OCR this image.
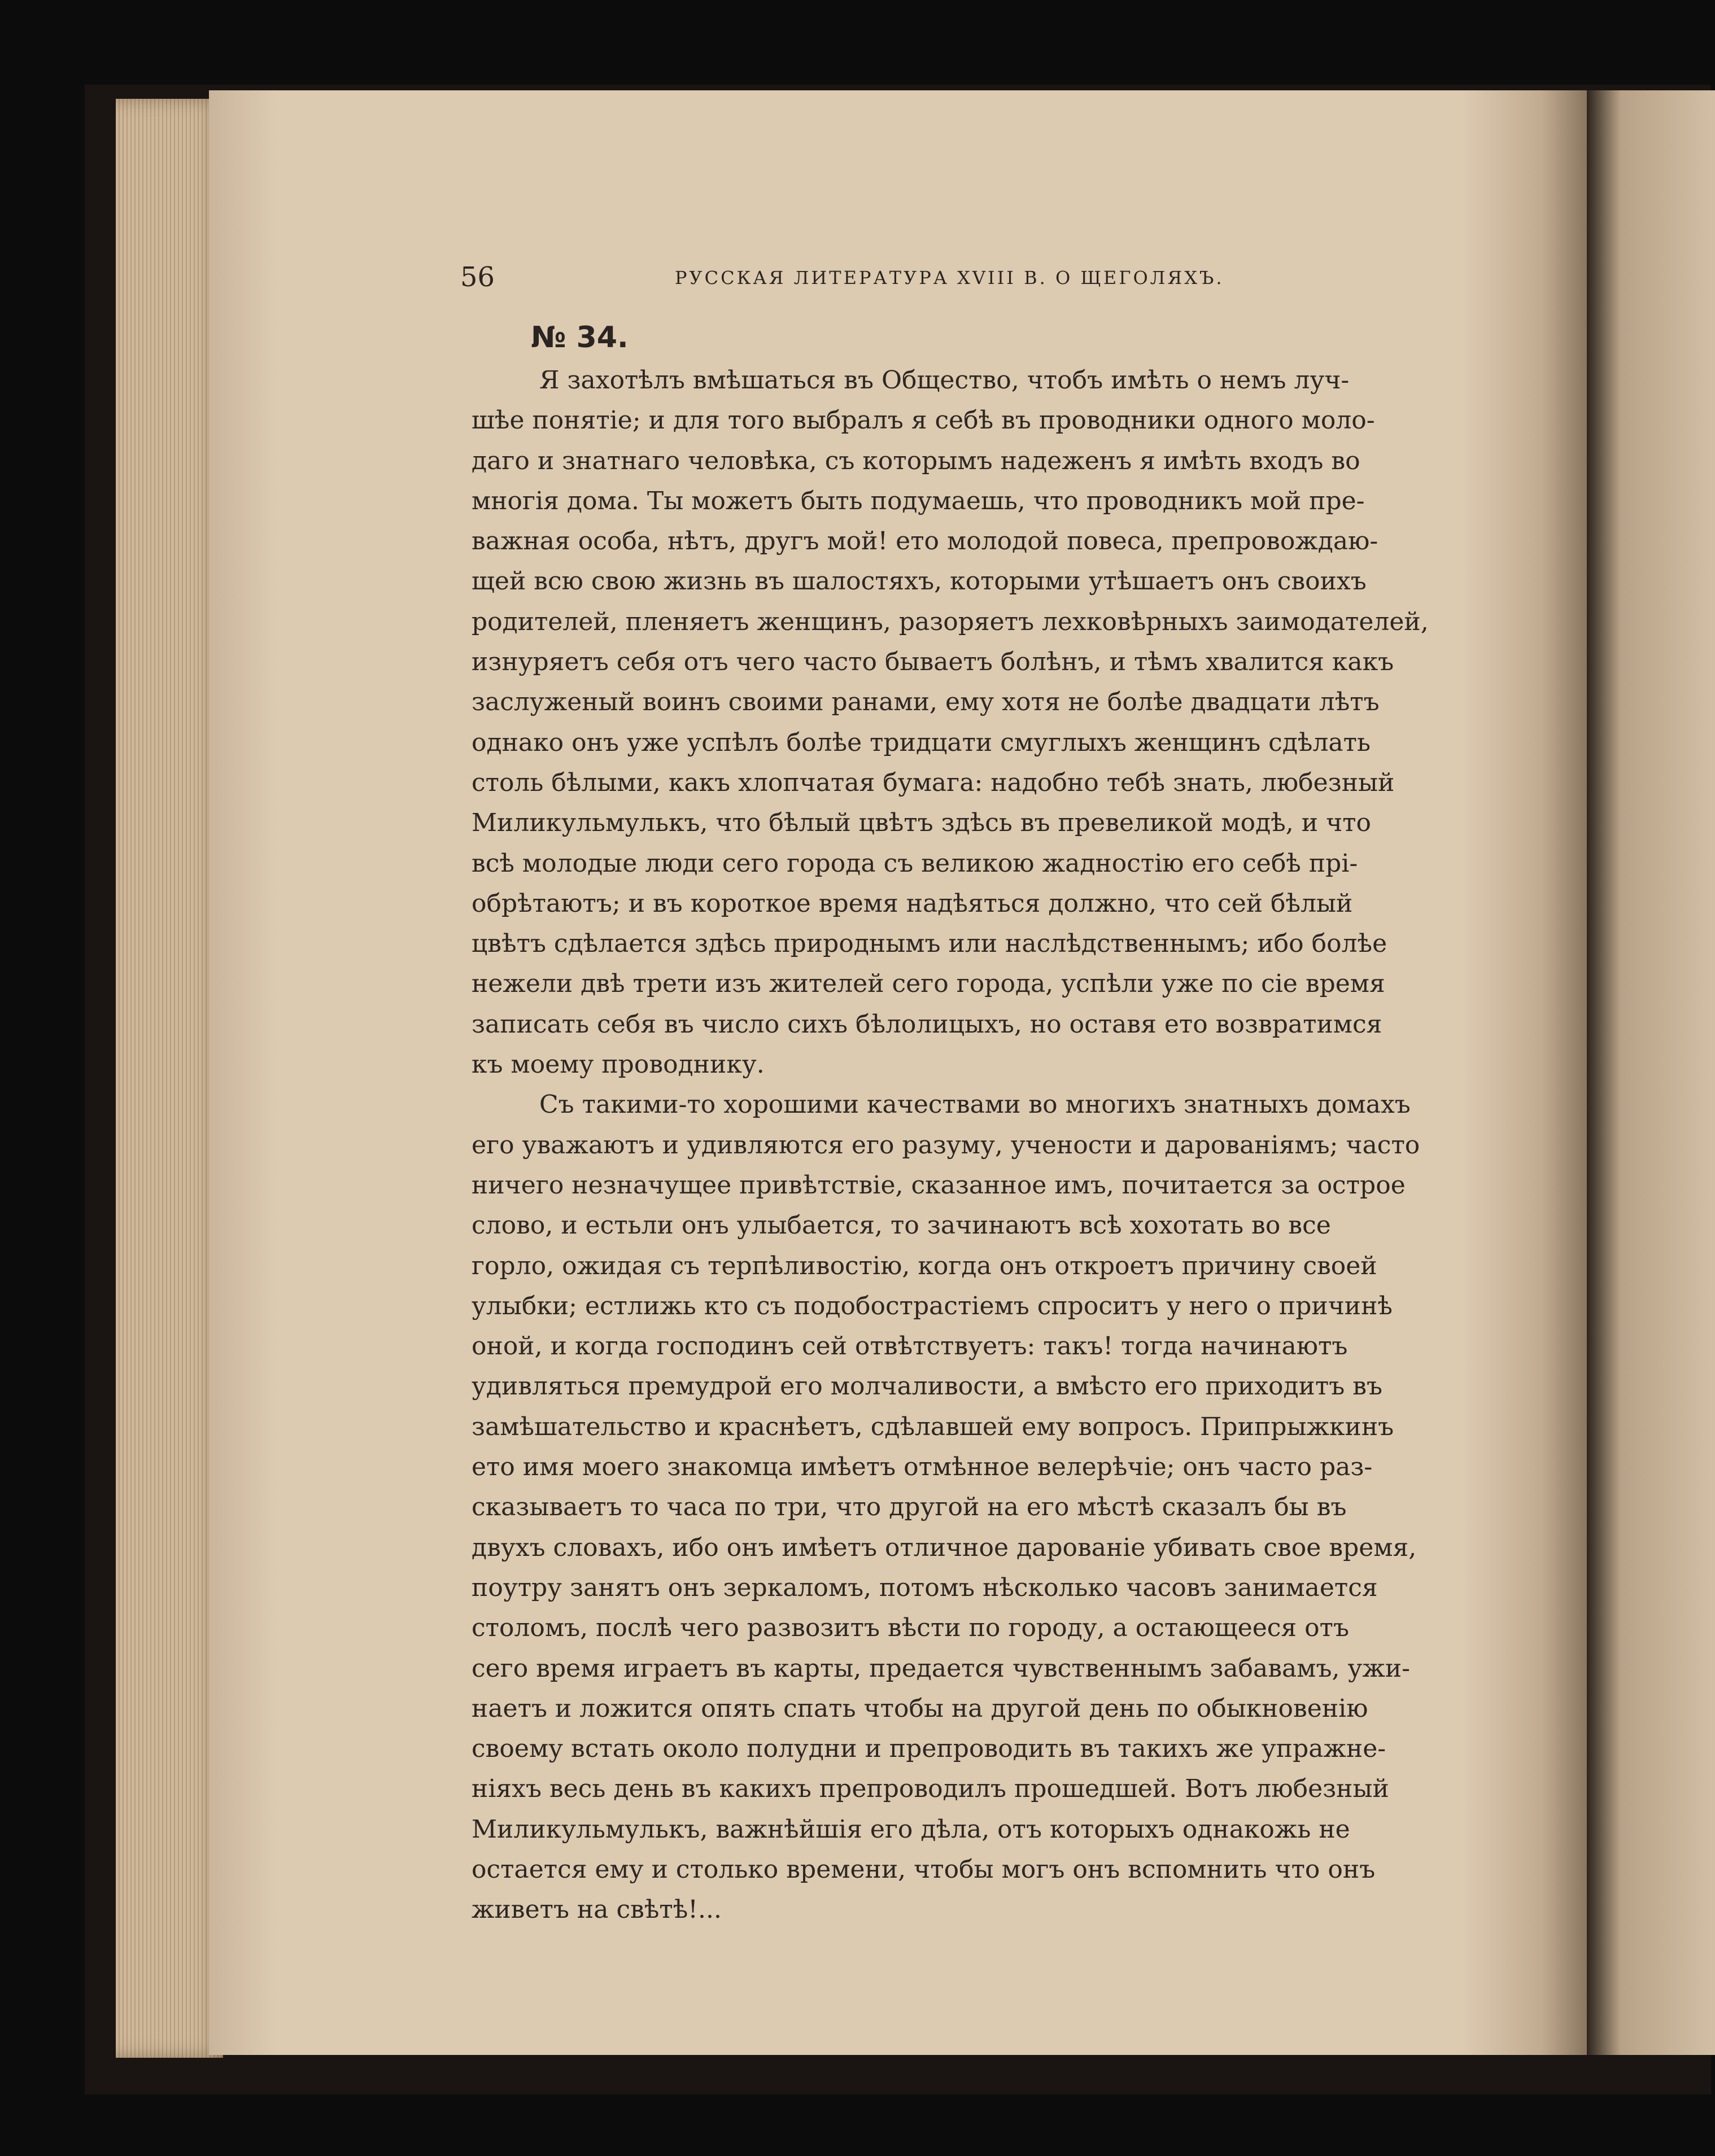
56	РУССКАЯ ЛИТЕРАТУРА XVIII В. О ЩЕГОЛЯХЪ.
№ 34.
Я захотѣлъ вмѣшаться въ Общество, чтобъ имѣть о немъ луч-
шѣе понятіе; и для того выбралъ я себѣ въ проводники одного моло-
даго и знатнаго человѣка, съ которымъ надеженъ я имѣть входъ во
многія дома. Ты можетъ быть подумаешь, что проводникъ мой пре-
важная особа, нѣтъ, другъ мой! ето молодой повеса, препровождаю-
щей всю свою жизнь въ шалостяхъ, которыми утѣшаетъ онъ своихъ
родителей, пленяетъ женщинъ, разоряетъ лехковѣрныхъ заимодателей,
изнуряетъ себя отъ чего часто бываетъ болѣнъ, и тѣмъ хвалится какъ
заслуженый воинъ своими ранами, ему хотя не болѣе двадцати лѣтъ
однако онъ уже успѣлъ болѣе тридцати смуглыхъ женщинъ сдѣлать
столь бѣлыми, какъ хлопчатая бумага: надобно тебѣ знать, любезный
Миликульмулькъ, что бѣлый цвѣтъ здѣсь въ превеликой модѣ, и что
всѣ молодые люди сего города съ великою жадностію его себѣ прі-
обрѣтаютъ; и въ короткое время надѣяться должно, что сей бѣлый
цвѣтъ сдѣлается здѣсь природнымъ или наслѣдственнымъ; ибо болѣе
нежели двѣ трети изъ жителей сего города, успѣли уже по сіе время
записать себя въ число сихъ бѣлолицыхъ, но оставя ето возвратимся
къ моему проводнику.
Съ такими-то хорошими качествами во многихъ знатныхъ домахъ
его уважаютъ и удивляются его разуму, учености и дарованіямъ; часто
ничего незначущее привѣтствіе, сказанное имъ, почитается за острое
слово, и естьли онъ улыбается, то зачинаютъ всѣ хохотать во все
горло, ожидая съ терпѣливостію, когда онъ откроетъ причину своей
улыбки; естлижь кто съ подобострастіемъ спроситъ у него о причинѣ
оной, и когда господинъ сей отвѣтствуетъ: такъ! тогда начинаютъ
удивляться премудрой его молчаливости, а вмѣсто его приходитъ въ
замѣшательство и краснѣетъ, сдѣлавшей ему вопросъ. Припрыжкинъ
ето имя моего знакомца имѣетъ отмѣнное велерѣчіе; онъ часто раз-
сказываетъ то часа по три, что другой на его мѣстѣ сказалъ бы въ
двухъ словахъ, ибо онъ имѣетъ отличное дарованіе убивать свое время,
поутру занятъ онъ зеркаломъ, потомъ нѣсколько часовъ занимается
столомъ, послѣ чего развозитъ вѣсти по городу, а остающееся отъ
сего время играетъ въ карты, предается чувственнымъ забавамъ, ужи-
наетъ и ложится опять спать чтобы на другой день по обыкновенію
своему встать около полудни и препроводить въ такихъ же упражне-
ніяхъ весь день въ какихъ препроводилъ прошедшей. Вотъ любезный
Миликульмулькъ, важнѣйшія его дѣла, отъ которыхъ однакожь не
остается ему и столько времени, чтобы могъ онъ вспомнить что онъ
живетъ на свѣтѣ!...
